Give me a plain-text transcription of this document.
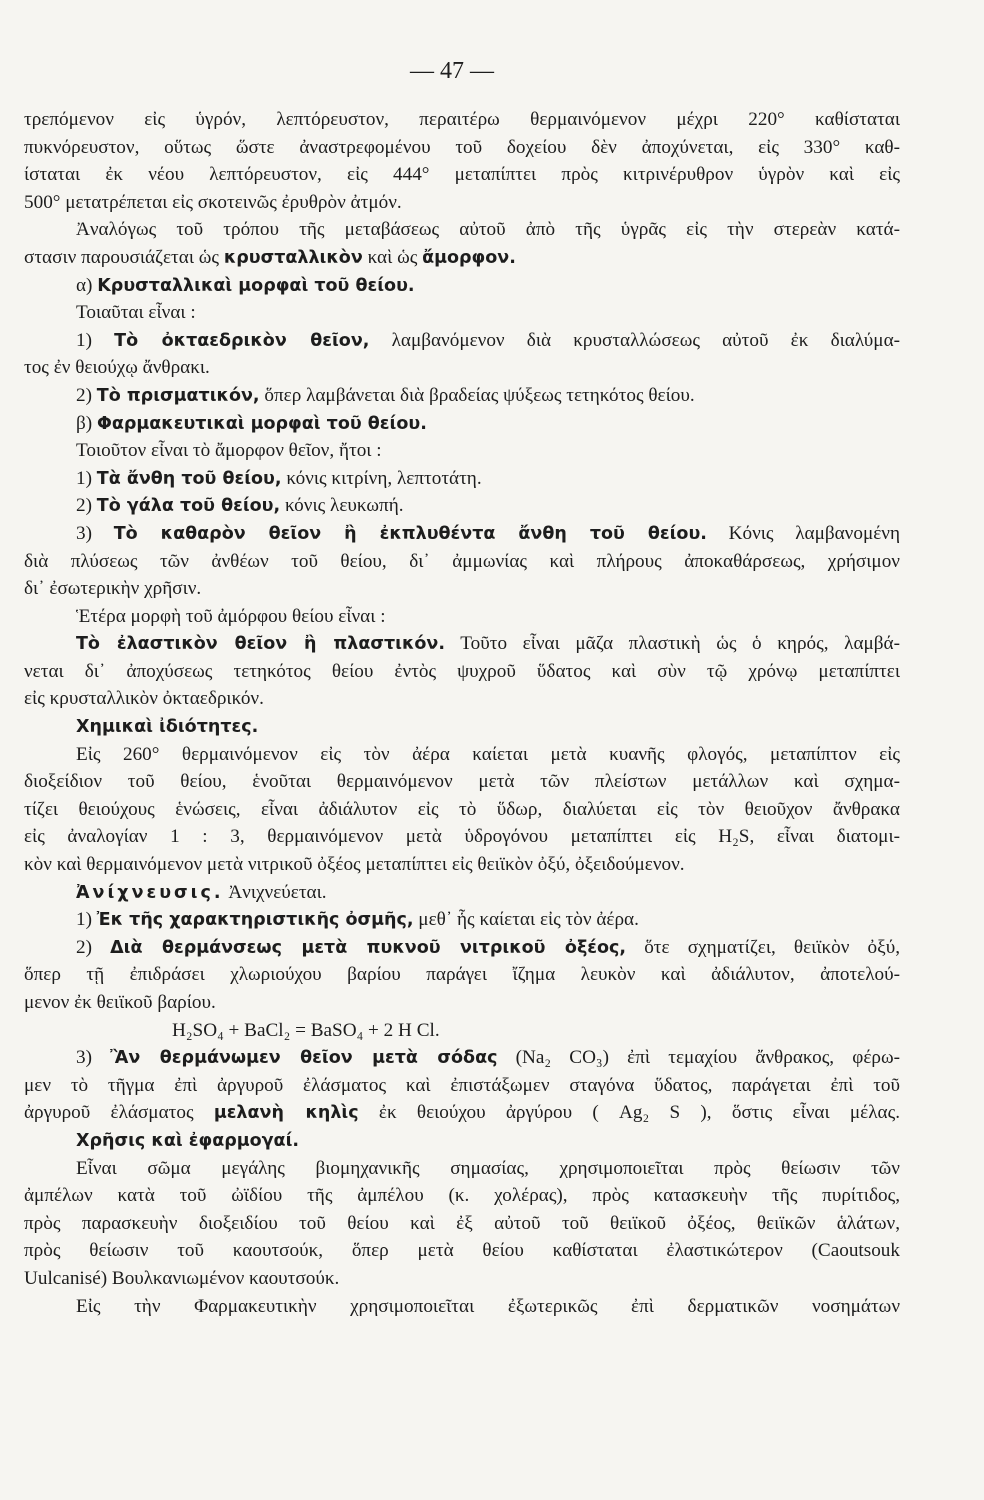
— 47 —
τρεπόμενον εἰς ὑγρόν, λεπτόρευστον, περαιτέρω θερμαινόμενον μέχρι 220° καθίσταται
πυκνόρευστον, οὕτως ὥστε ἀναστρεφομένου τοῦ δοχείου δὲν ἀποχύνεται, εἰς 330° καθ-
ίσταται ἐκ νέου λεπτόρευστον, εἰς 444° μεταπίπτει πρὸς κιτρινέρυθρον ὑγρὸν καὶ εἰς
500° μετατρέπεται εἰς σκοτεινῶς ἐρυθρὸν ἀτμόν.
Ἀναλόγως τοῦ τρόπου τῆς μεταβάσεως αὐτοῦ ἀπὸ τῆς ὑγρᾶς εἰς τὴν στερεὰν κατά-
στασιν παρουσιάζεται ὡς κρυσταλλικὸν καὶ ὡς ἄμορφον.
α) Κρυσταλλικαὶ μορφαὶ τοῦ θείου.
Τοιαῦται εἶναι :
1) Τὸ ὀκταεδρικὸν θεῖον, λαμβανόμενον διὰ κρυσταλλώσεως αὐτοῦ ἐκ διαλύμα-
τος ἐν θειούχῳ ἄνθρακι.
2) Τὸ πρισματικόν, ὅπερ λαμβάνεται διὰ βραδείας ψύξεως τετηκότος θείου.
β) Φαρμακευτικαὶ μορφαὶ τοῦ θείου.
Τοιοῦτον εἶναι τὸ ἄμορφον θεῖον, ἤτοι :
1) Τὰ ἄνθη τοῦ θείου, κόνις κιτρίνη, λεπτοτάτη.
2) Τὸ γάλα τοῦ θείου, κόνις λευκωπή.
3) Τὸ καθαρὸν θεῖον ἢ ἐκπλυθέντα ἄνθη τοῦ θείου. Κόνις λαμβανομένη
διὰ πλύσεως τῶν ἀνθέων τοῦ θείου, δι᾿ ἀμμωνίας καὶ πλήρους ἀποκαθάρσεως, χρήσιμον
δι᾿ ἐσωτερικὴν χρῆσιν.
Ἑτέρα μορφὴ τοῦ ἀμόρφου θείου εἶναι :
Τὸ ἐλαστικὸν θεῖον ἢ πλαστικόν. Τοῦτο εἶναι μᾶζα πλαστικὴ ὡς ὁ κηρός, λαμβά-
νεται δι᾿ ἀποχύσεως τετηκότος θείου ἐντὸς ψυχροῦ ὕδατος καὶ σὺν τῷ χρόνῳ μεταπίπτει
εἰς κρυσταλλικὸν ὀκταεδρικόν.
Χημικαὶ ἰδιότητες.
Εἰς 260° θερμαινόμενον εἰς τὸν ἀέρα καίεται μετὰ κυανῆς φλογός, μεταπίπτον εἰς
διοξείδιον τοῦ θείου, ἑνοῦται θερμαινόμενον μετὰ τῶν πλείστων μετάλλων καὶ σχημα-
τίζει θειούχους ἑνώσεις, εἶναι ἀδιάλυτον εἰς τὸ ὕδωρ, διαλύεται εἰς τὸν θειοῦχον ἄνθρακα
εἰς ἀναλογίαν 1 : 3, θερμαινόμενον μετὰ ὑδρογόνου μεταπίπτει εἰς H₂S, εἶναι διατομι-
κὸν καὶ θερμαινόμενον μετὰ νιτρικοῦ ὀξέος μεταπίπτει εἰς θειϊκὸν ὀξύ, ὀξειδούμενον.
Ἀνίχνευσις. Ἀνιχνεύεται.
1) Ἐκ τῆς χαρακτηριστικῆς ὀσμῆς, μεθ᾿ ἧς καίεται εἰς τὸν ἀέρα.
2) Διὰ θερμάνσεως μετὰ πυκνοῦ νιτρικοῦ ὀξέος, ὅτε σχηματίζει, θειϊκὸν ὀξύ,
ὅπερ τῇ ἐπιδράσει χλωριούχου βαρίου παράγει ἴζημα λευκὸν καὶ ἀδιάλυτον, ἀποτελού-
μενον ἐκ θειϊκοῦ βαρίου.
H₂SO₄ + BaCl₂ = BaSO₄ + 2 H Cl.
3) Ἂν θερμάνωμεν θεῖον μετὰ σόδας (Na₂ CO₃) ἐπὶ τεμαχίου ἄνθρακος, φέρω-
μεν τὸ τῆγμα ἐπὶ ἀργυροῦ ἐλάσματος καὶ ἐπιστάξωμεν σταγόνα ὕδατος, παράγεται ἐπὶ τοῦ
ἀργυροῦ ἐλάσματος μελανὴ κηλὶς ἐκ θειούχου ἀργύρου ( Ag₂ S ), ὅστις εἶναι μέλας.
Χρῆσις καὶ ἐφαρμογαί.
Εἶναι σῶμα μεγάλης βιομηχανικῆς σημασίας, χρησιμοποιεῖται πρὸς θείωσιν τῶν
ἀμπέλων κατὰ τοῦ ὠϊδίου τῆς ἀμπέλου (κ. χολέρας), πρὸς κατασκευὴν τῆς πυρίτιδος,
πρὸς παρασκευὴν διοξειδίου τοῦ θείου καὶ ἐξ αὐτοῦ τοῦ θειϊκοῦ ὀξέος, θειϊκῶν ἁλάτων,
πρὸς θείωσιν τοῦ καουτσούκ, ὅπερ μετὰ θείου καθίσταται ἐλαστικώτερον (Caoutsouk
Uulcanisé) Βουλκανιωμένον καουτσούκ.
Εἰς τὴν Φαρμακευτικὴν χρησιμοποιεῖται ἐξωτερικῶς ἐπὶ δερματικῶν νοσημάτων
